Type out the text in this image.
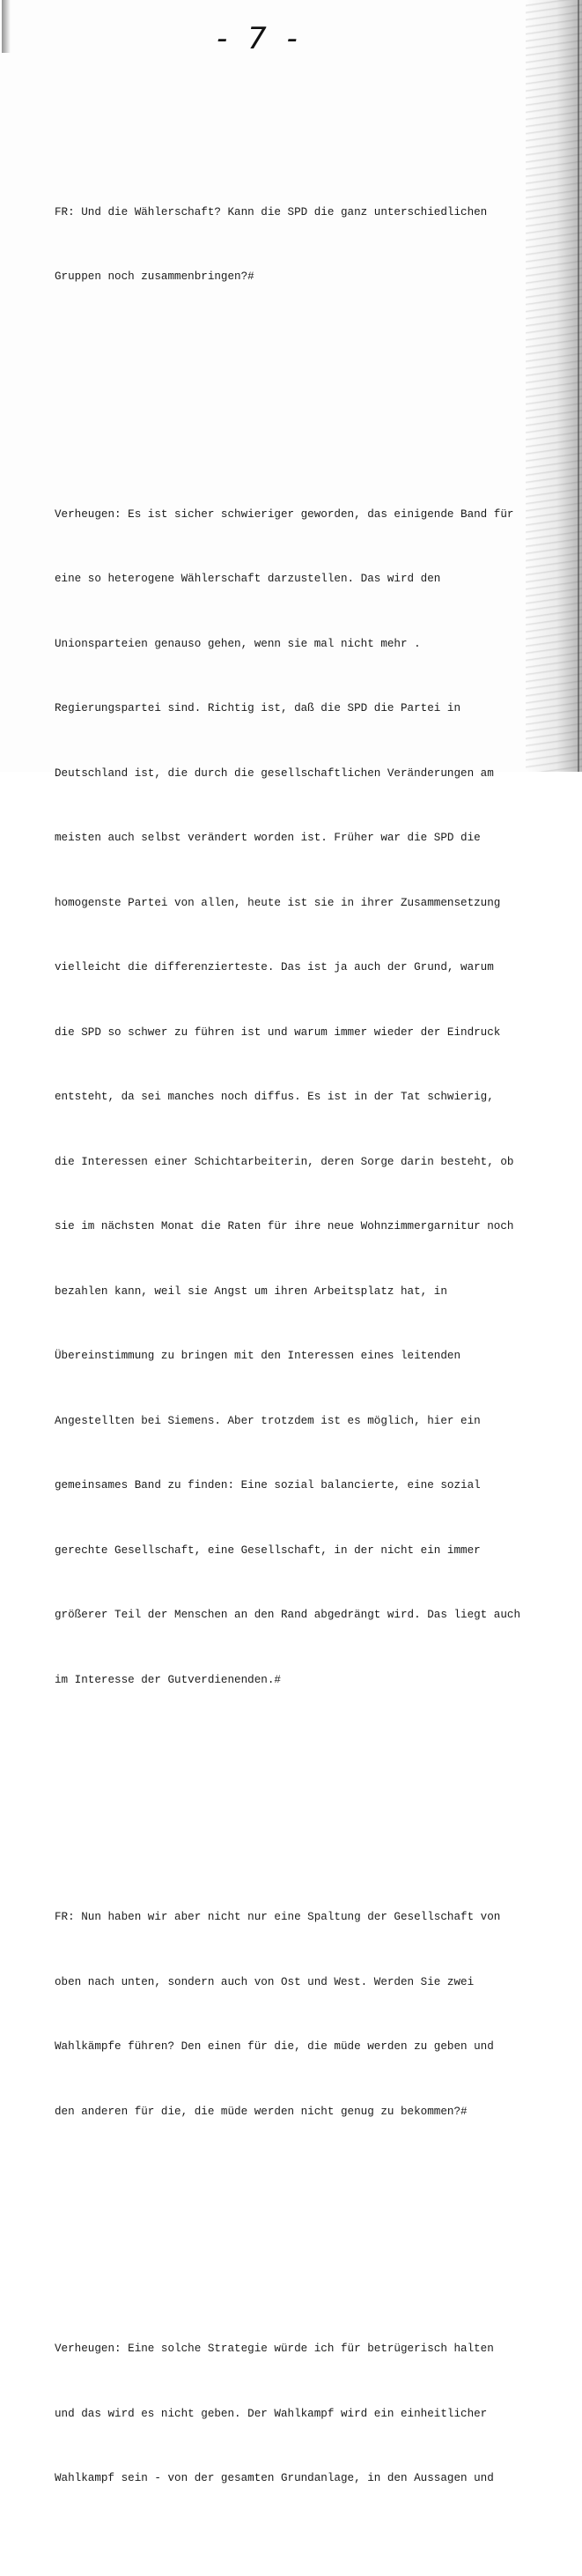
- 7 -

FR: Und die Wählerschaft? Kann die SPD die ganz unterschiedlichen

Gruppen noch zusammenbringen?#

Verheugen: Es ist sicher schwieriger geworden, das einigende Band für

eine so heterogene Wählerschaft darzustellen. Das wird den

Unionsparteien genauso gehen, wenn sie mal nicht mehr .

Regierungspartei sind. Richtig ist, daß die SPD die Partei in

Deutschland ist, die durch die gesellschaftlichen Veränderungen am

meisten auch selbst verändert worden ist. Früher war die SPD die

homogenste Partei von allen, heute ist sie in ihrer Zusammensetzung

vielleicht die differenzierteste. Das ist ja auch der Grund, warum

die SPD so schwer zu führen ist und warum immer wieder der Eindruck

entsteht, da sei manches noch diffus. Es ist in der Tat schwierig,

die Interessen einer Schichtarbeiterin, deren Sorge darin besteht, ob

sie im nächsten Monat die Raten für ihre neue Wohnzimmergarnitur noch

bezahlen kann, weil sie Angst um ihren Arbeitsplatz hat, in

Übereinstimmung zu bringen mit den Interessen eines leitenden

Angestellten bei Siemens. Aber trotzdem ist es möglich, hier ein

gemeinsames Band zu finden: Eine sozial balancierte, eine sozial

gerechte Gesellschaft, eine Gesellschaft, in der nicht ein immer

größerer Teil der Menschen an den Rand abgedrängt wird. Das liegt auch

im Interesse der Gutverdienenden.#

FR: Nun haben wir aber nicht nur eine Spaltung der Gesellschaft von

oben nach unten, sondern auch von Ost und West. Werden Sie zwei

Wahlkämpfe führen? Den einen für die, die müde werden zu geben und

den anderen für die, die müde werden nicht genug zu bekommen?#

Verheugen: Eine solche Strategie würde ich für betrügerisch halten

und das wird es nicht geben. Der Wahlkampf wird ein einheitlicher

Wahlkampf sein - von der gesamten Grundanlage, in den Aussagen und
